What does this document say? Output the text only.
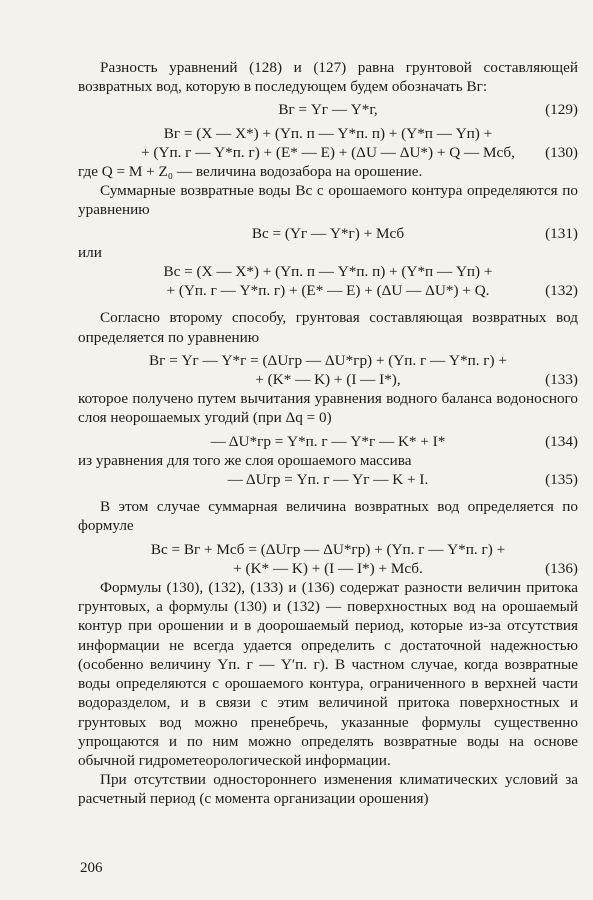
Разность уравнений (128) и (127) равна грунтовой составляющей возвратных вод, которую в последующем будем обозначать Bг:

Bг = Yг — Y*г,	(129)
Bг = (X — X*) + (Yп. п — Y*п. п) + (Y*п — Yп) +
+ (Yп. г — Y*п. г) + (E* — E) + (ΔU — ΔU*) + Q — Mсб, (130)

где Q = M + Z₀ — величина водозабора на орошение.

Суммарные возвратные воды Bс с орошаемого контура определяются по уравнению

Bс = (Yг — Y*г) + Mсб	(131)

или

Bс = (X — X*) + (Yп. п — Y*п. п) + (Y*п — Yп) +
+ (Yп. г — Y*п. г) + (E* — E) + (ΔU — ΔU*) + Q.	(132)

Согласно второму способу, грунтовая составляющая возвратных вод определяется по уравнению

Bг = Yг — Y*г = (ΔUгр — ΔU*гр) + (Yп. г — Y*п. г) +
+ (K* — K) + (I — I*),	(133)

которое получено путем вычитания уравнения водного баланса водоносного слоя неорошаемых угодий (при Δq = 0)

— ΔU*гр = Y*п. г — Y*г — K* + I*	(134)

из уравнения для того же слоя орошаемого массива

— ΔUгр = Yп. г — Yг — K + I.	(135)

В этом случае суммарная величина возвратных вод определяется по формуле

Bс = Bг + Mсб = (ΔUгр — ΔU*гр) + (Yп. г — Y*п. г) +
+ (K* — K) + (I — I*) + Mсб.	(136)

Формулы (130), (132), (133) и (136) содержат разности величин притока грунтовых, а формулы (130) и (132) — поверхностных вод на орошаемый контур при орошении и в доорошаемый период, которые из-за отсутствия информации не всегда удается определить с достаточной надежностью (особенно величину Yп. г — Y′п. г). В частном случае, когда возвратные воды определяются с орошаемого контура, ограниченного в верхней части водоразделом, и в связи с этим величиной притока поверхностных и грунтовых вод можно пренебречь, указанные формулы существенно упрощаются и по ним можно определять возвратные воды на основе обычной гидрометеорологической информации.

При отсутствии одностороннего изменения климатических условий за расчетный период (с момента организации орошения)

206
